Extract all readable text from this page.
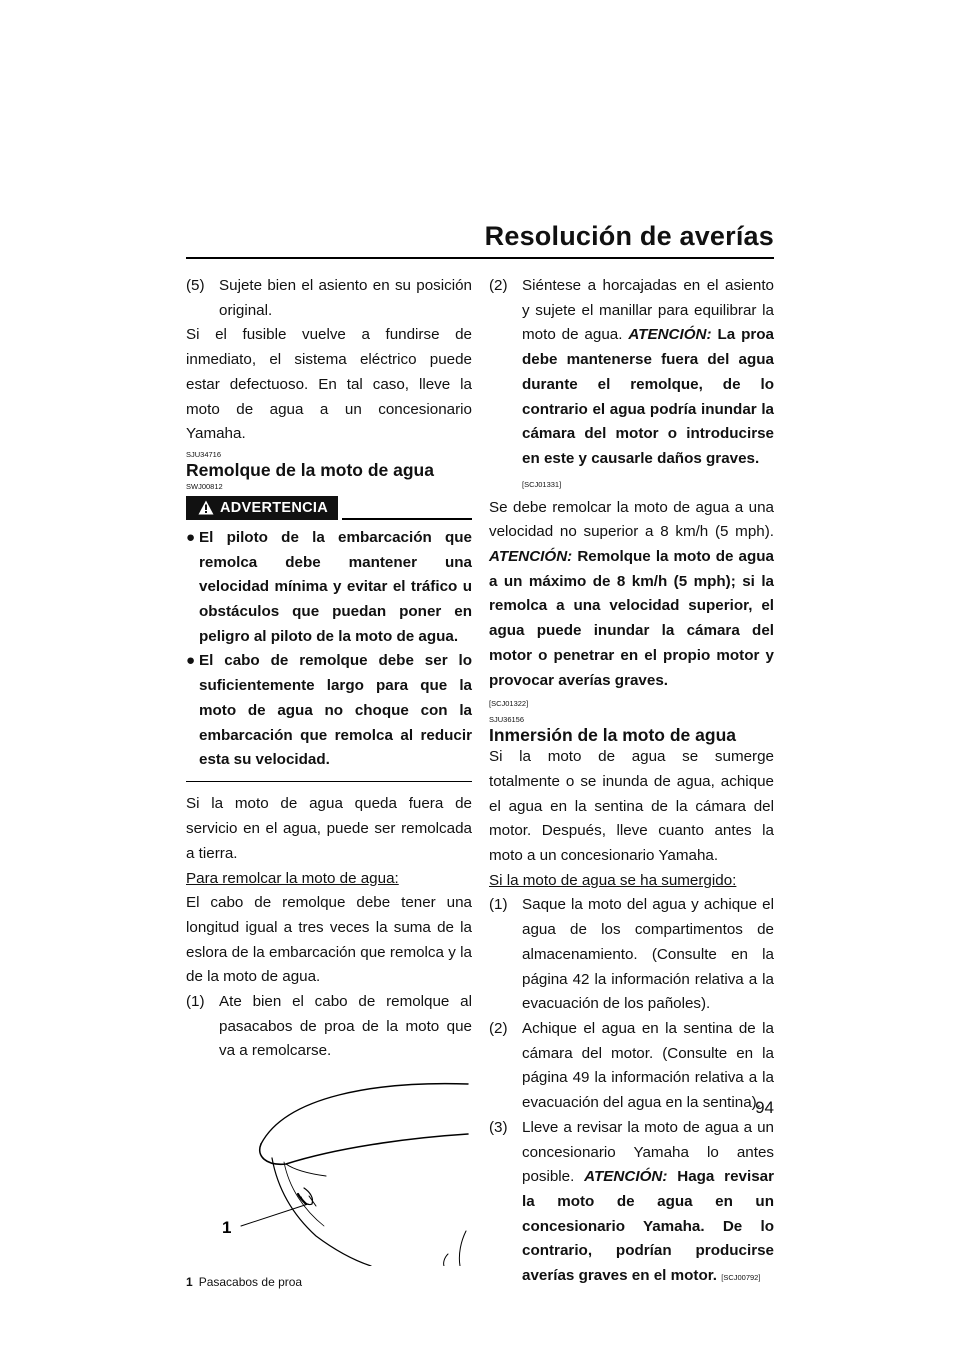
Resolución de averías
(5) Sujete bien el asiento en su posición original.

Si el fusible vuelve a fundirse de inmediato, el sistema eléctrico puede estar defectuoso. En tal caso, lleve la moto de agua a un concesionario Yamaha.

SJU34716
Remolque de la moto de agua
SWJ00812
ADVERTENCIA
● El piloto de la embarcación que remolca debe mantener una velocidad mínima y evitar el tráfico u obstáculos que puedan poner en peligro al piloto de la moto de agua.
● El cabo de remolque debe ser lo suficientemente largo para que la moto de agua no choque con la embarcación que remolca al reducir esta su velocidad.

Si la moto de agua queda fuera de servicio en el agua, puede ser remolcada a tierra.

Para remolcar la moto de agua:

El cabo de remolque debe tener una longitud igual a tres veces la suma de la eslora de la embarcación que remolca y la de la moto de agua.

(1) Ate bien el cabo de remolque al pasacabos de proa de la moto que va a remolcarse.
1
1 Pasacabos de proa
(2) Siéntese a horcajadas en el asiento y sujete el manillar para equilibrar la moto de agua. ATENCIÓN: La proa debe mantenerse fuera del agua durante el remolque, de lo contrario el agua podría inundar la cámara del motor o introducirse en este y causarle daños graves.
[SCJ01331]

Se debe remolcar la moto de agua a una velocidad no superior a 8 km/h (5 mph). ATENCIÓN: Remolque la moto de agua a un máximo de 8 km/h (5 mph); si la remolca a una velocidad superior, el agua puede inundar la cámara del motor o penetrar en el propio motor y provocar averías graves.

[SCJ01322]
SJU36156
Inmersión de la moto de agua

Si la moto de agua se sumerge totalmente o se inunda de agua, achique el agua en la sentina de la cámara del motor. Después, lleve cuanto antes la moto a un concesionario Yamaha.

Si la moto de agua se ha sumergido:

(1) Saque la moto del agua y achique el agua de los compartimentos de almacenamiento. (Consulte en la página 42 la información relativa a la evacuación de los pañoles).
(2) Achique el agua en la sentina de la cámara del motor. (Consulte en la página 49 la información relativa a la evacuación del agua en la sentina).
(3) Lleve a revisar la moto de agua a un concesionario Yamaha lo antes posible. ATENCIÓN: Haga revisar la moto de agua en un concesionario Yamaha. De lo contrario, podrían producirse averías graves en el motor. [SCJ00792]
94
